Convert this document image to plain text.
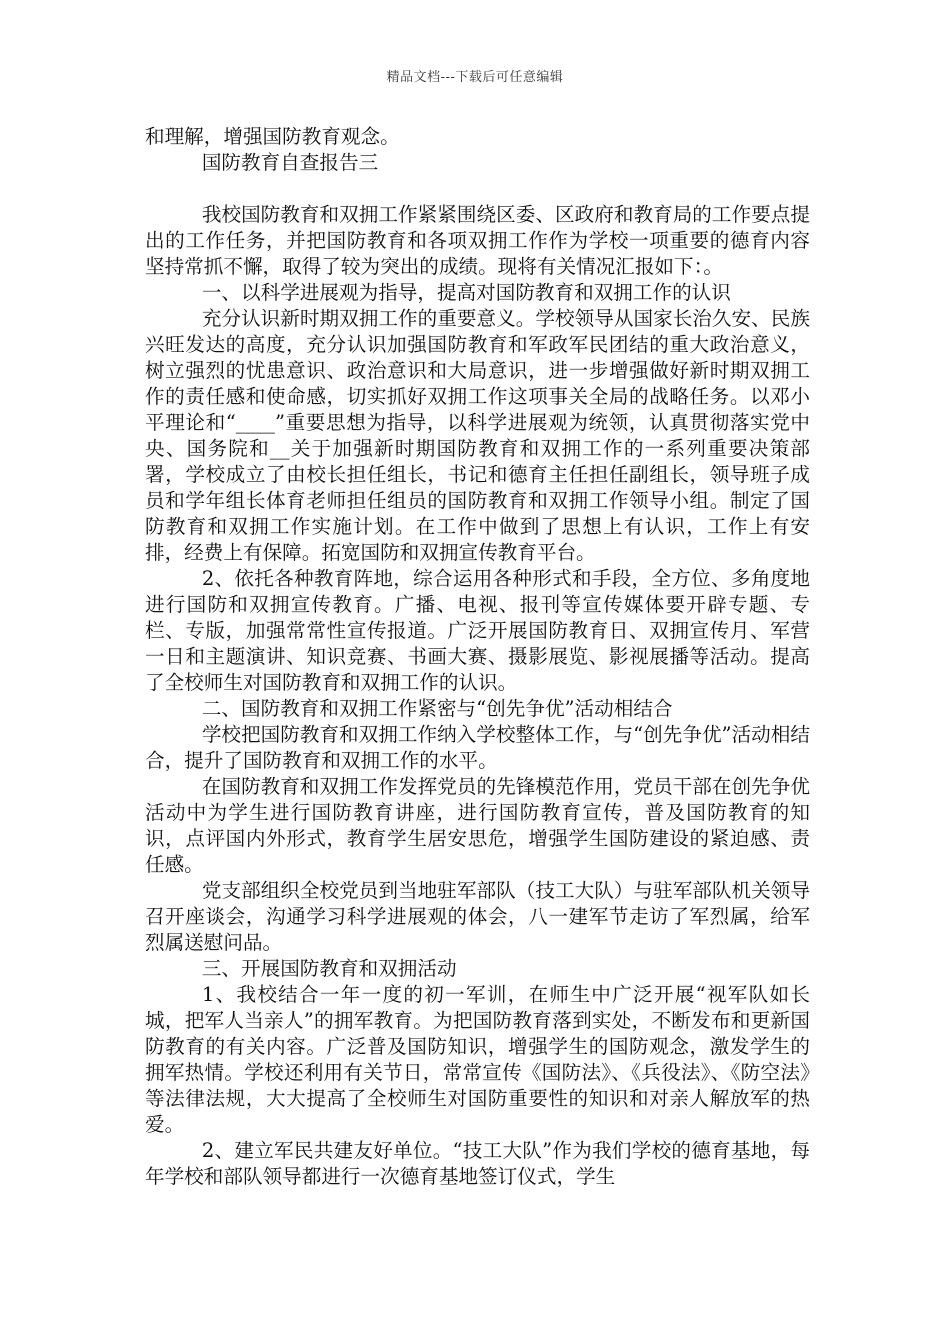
精品文档---下载后可任意编辑

和理解，增强国防教育观念。

国防教育自查报告三

我校国防教育和双拥工作紧紧围绕区委、区政府和教育局的工作要点提出的工作任务，并把国防教育和各项双拥工作作为学校一项重要的德育内容坚持常抓不懈，取得了较为突出的成绩。现将有关情况汇报如下：。

一、以科学进展观为指导，提高对国防教育和双拥工作的认识

充分认识新时期双拥工作的重要意义。学校领导从国家长治久安、民族兴旺发达的高度，充分认识加强国防教育和军政军民团结的重大政治意义，树立强烈的忧患意识、政治意识和大局意识，进一步增强做好新时期双拥工作的责任感和使命感，切实抓好双拥工作这项事关全局的战略任务。以邓小平理论和“____”重要思想为指导，以科学进展观为统领，认真贯彻落实党中央、国务院和__关于加强新时期国防教育和双拥工作的一系列重要决策部署，学校成立了由校长担任组长，书记和德育主任担任副组长，领导班子成员和学年组长体育老师担任组员的国防教育和双拥工作领导小组。制定了国防教育和双拥工作实施计划。在工作中做到了思想上有认识，工作上有安排，经费上有保障。拓宽国防和双拥宣传教育平台。

2、依托各种教育阵地，综合运用各种形式和手段，全方位、多角度地进行国防和双拥宣传教育。广播、电视、报刊等宣传媒体要开辟专题、专栏、专版，加强常常性宣传报道。广泛开展国防教育日、双拥宣传月、军营一日和主题演讲、知识竞赛、书画大赛、摄影展览、影视展播等活动。提高了全校师生对国防教育和双拥工作的认识。

二、国防教育和双拥工作紧密与“创先争优”活动相结合

学校把国防教育和双拥工作纳入学校整体工作，与“创先争优”活动相结合，提升了国防教育和双拥工作的水平。

在国防教育和双拥工作发挥党员的先锋模范作用，党员干部在创先争优活动中为学生进行国防教育讲座，进行国防教育宣传，普及国防教育的知识，点评国内外形式，教育学生居安思危，增强学生国防建设的紧迫感、责任感。

党支部组织全校党员到当地驻军部队（技工大队）与驻军部队机关领导召开座谈会，沟通学习科学进展观的体会，八一建军节走访了军烈属，给军烈属送慰问品。

三、开展国防教育和双拥活动

1、我校结合一年一度的初一军训，在师生中广泛开展“视军队如长城，把军人当亲人”的拥军教育。为把国防教育落到实处，不断发布和更新国防教育的有关内容。广泛普及国防知识，增强学生的国防观念，激发学生的拥军热情。学校还利用有关节日，常常宣传《国防法》、《兵役法》、《防空法》等法律法规，大大提高了全校师生对国防重要性的知识和对亲人解放军的热爱。

2、建立军民共建友好单位。“技工大队”作为我们学校的德育基地，每年学校和部队领导都进行一次德育基地签订仪式，学生
